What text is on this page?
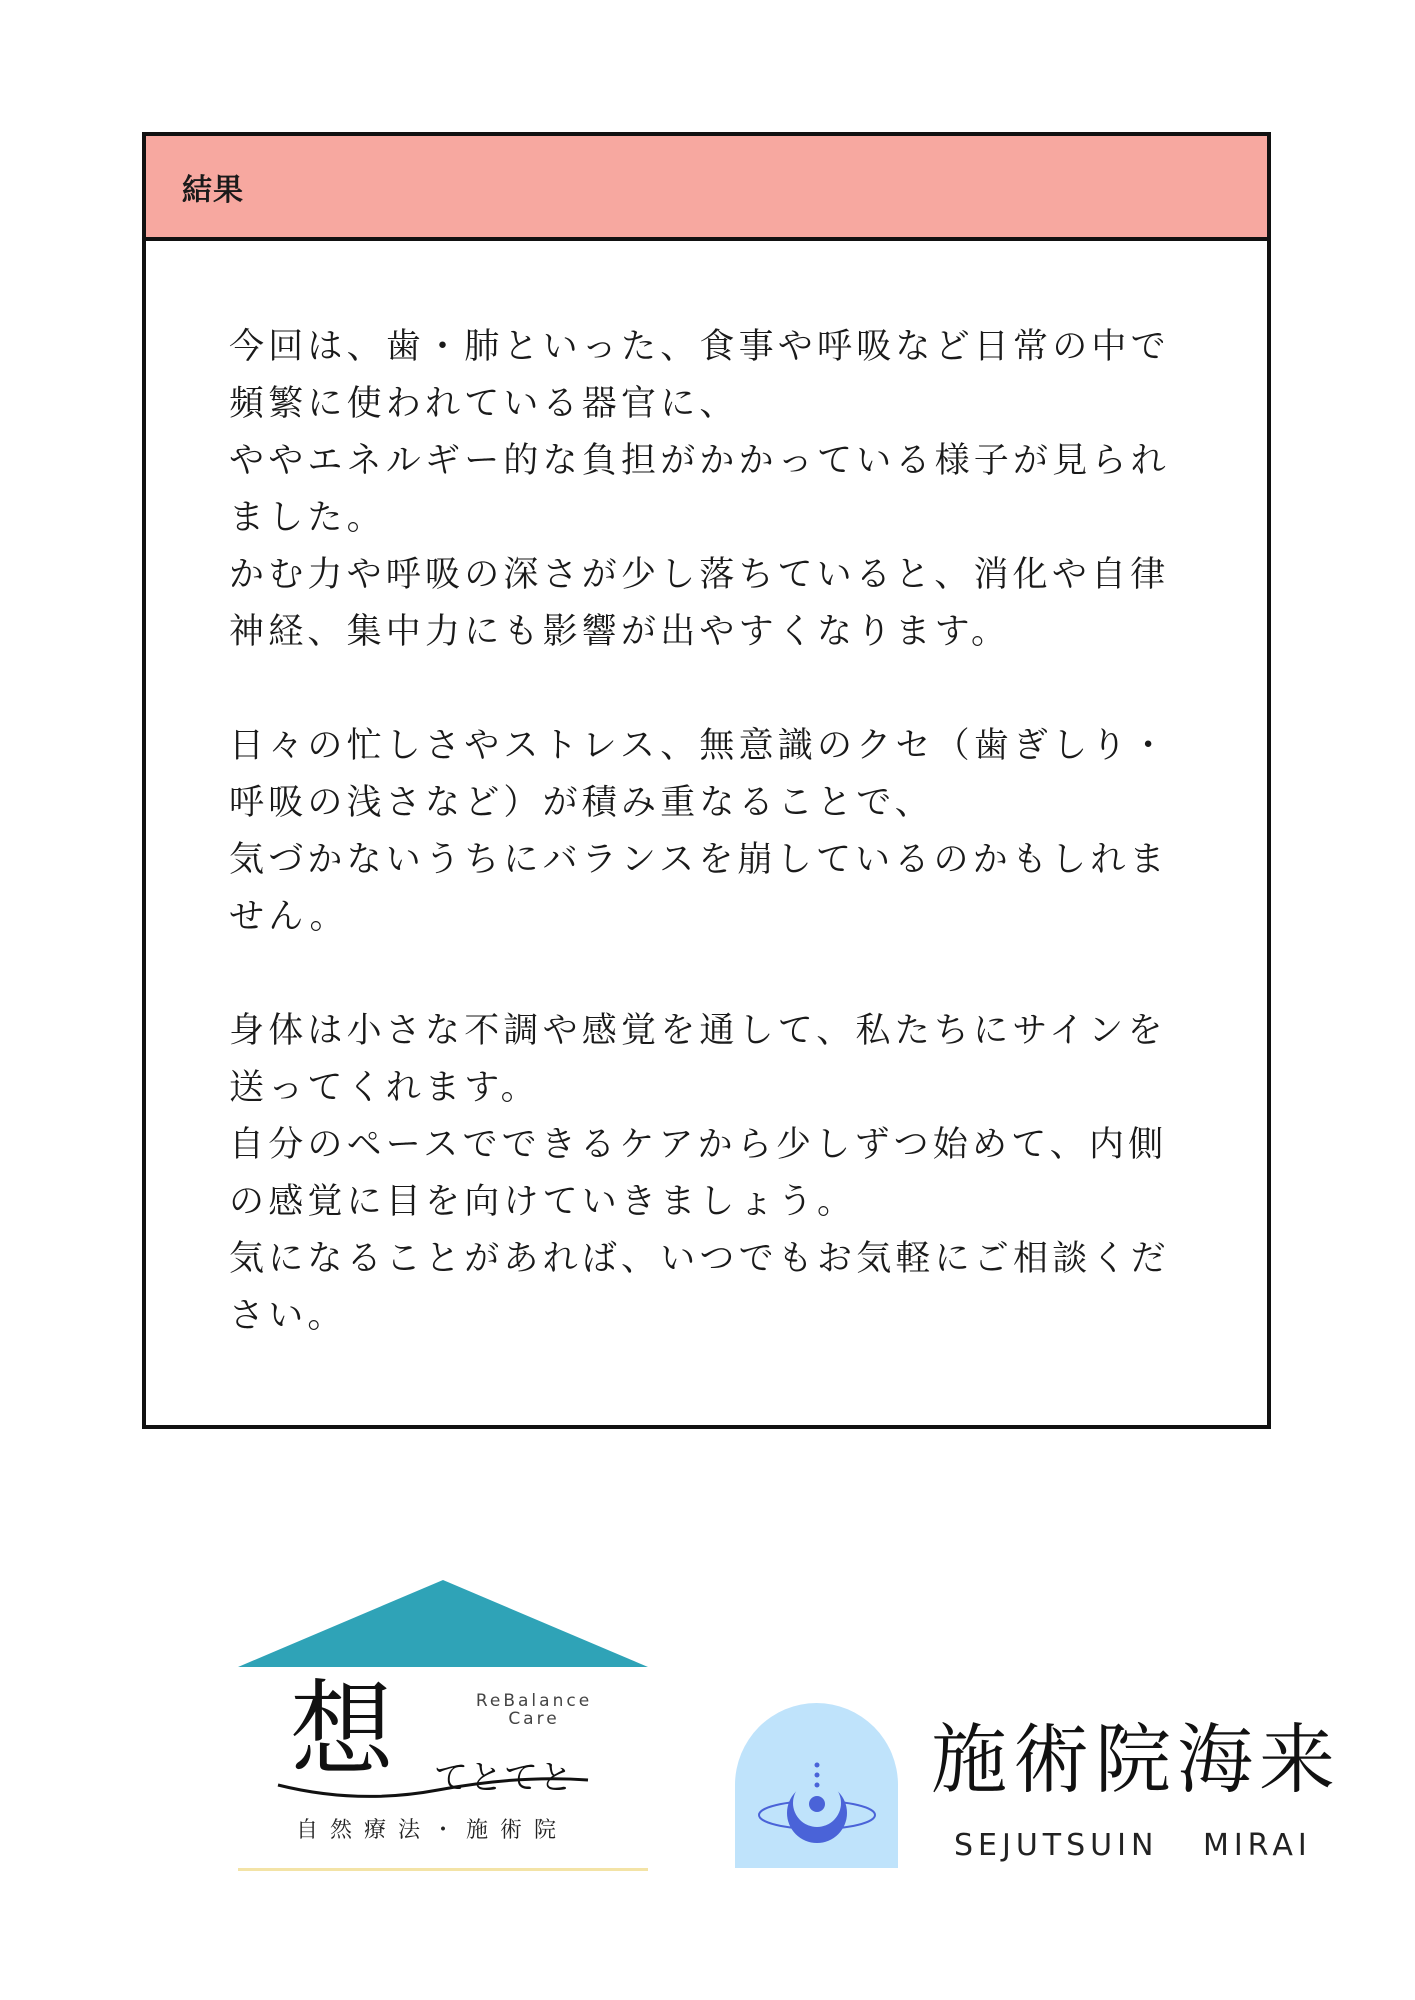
結果

今回は、歯・肺といった、食事や呼吸など日常の中で
頻繁に使われている器官に、
ややエネルギー的な負担がかかっている様子が見られ
ました。
かむ力や呼吸の深さが少し落ちていると、消化や自律
神経、集中力にも影響が出やすくなります。

日々の忙しさやストレス、無意識のクセ（歯ぎしり・
呼吸の浅さなど）が積み重なることで、
気づかないうちにバランスを崩しているのかもしれま
せん。

身体は小さな不調や感覚を通して、私たちにサインを
送ってくれます。
自分のペースでできるケアから少しずつ始めて、内側
の感覚に目を向けていきましょう。
気になることがあれば、いつでもお気軽にご相談くだ
さい。

想	ReBalance
Care
てとてと
自然療法・施術院
施術院海来
SEJUTSUIN MIRAI
